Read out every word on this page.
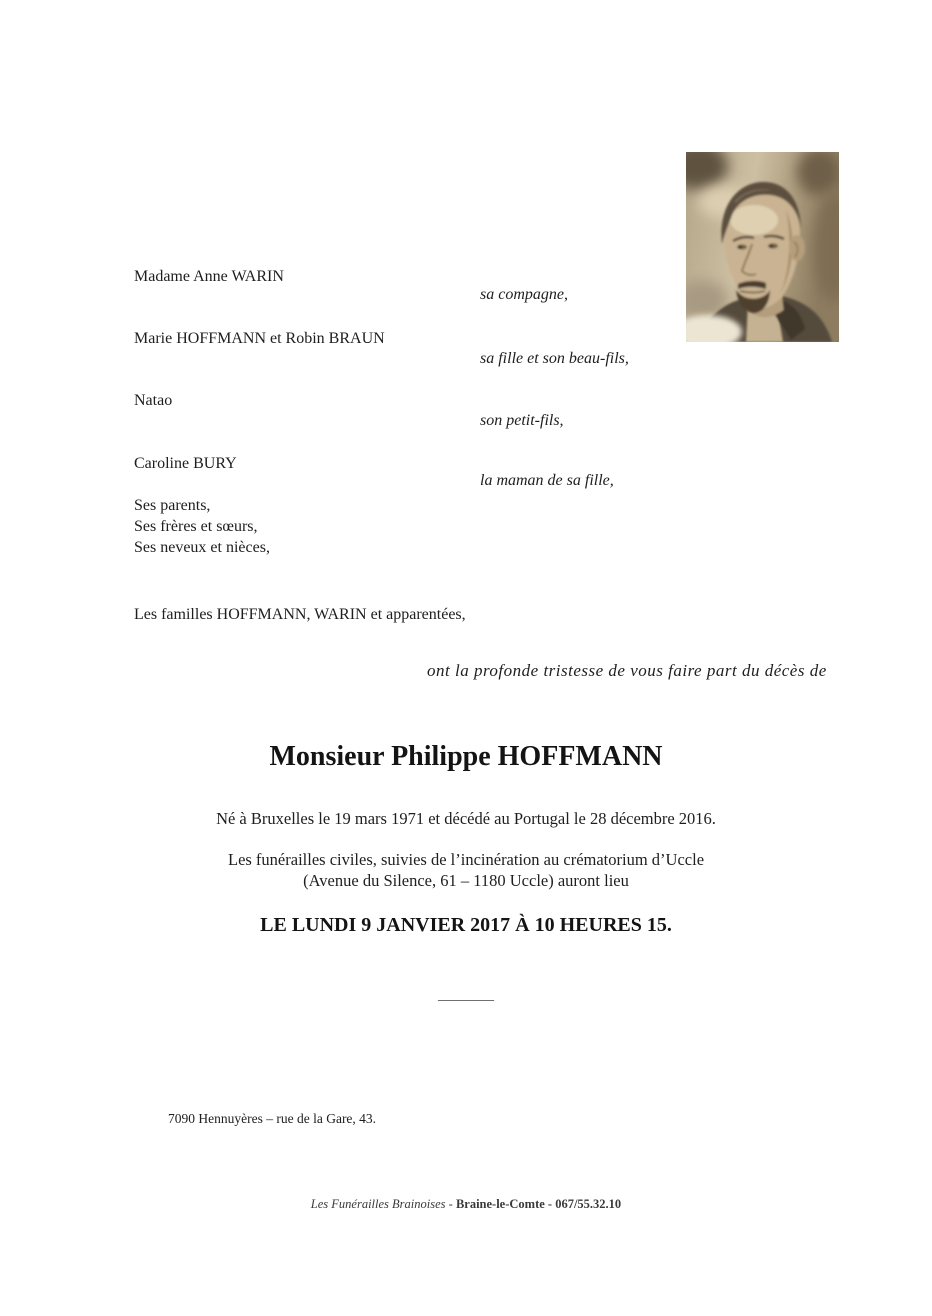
Madame Anne WARIN
sa compagne,
Marie HOFFMANN et Robin BRAUN
sa fille et son beau-fils,
Natao
son petit-fils,
Caroline BURY
la maman de sa fille,
Ses parents,
Ses frères et sœurs,
Ses neveux et nièces,
Les familles HOFFMANN, WARIN et apparentées,
ont la profonde tristesse de vous faire part du décès de
Monsieur Philippe HOFFMANN
Né à Bruxelles le 19 mars 1971 et décédé au Portugal le 28 décembre 2016.
Les funérailles civiles, suivies de l’incinération au crématorium d’Uccle
(Avenue du Silence, 61 – 1180 Uccle) auront lieu
LE LUNDI 9 JANVIER 2017 À 10 HEURES 15.
_______
7090 Hennuyères – rue de la Gare, 43.
Les Funérailles Brainoises - Braine-le-Comte - 067/55.32.10
